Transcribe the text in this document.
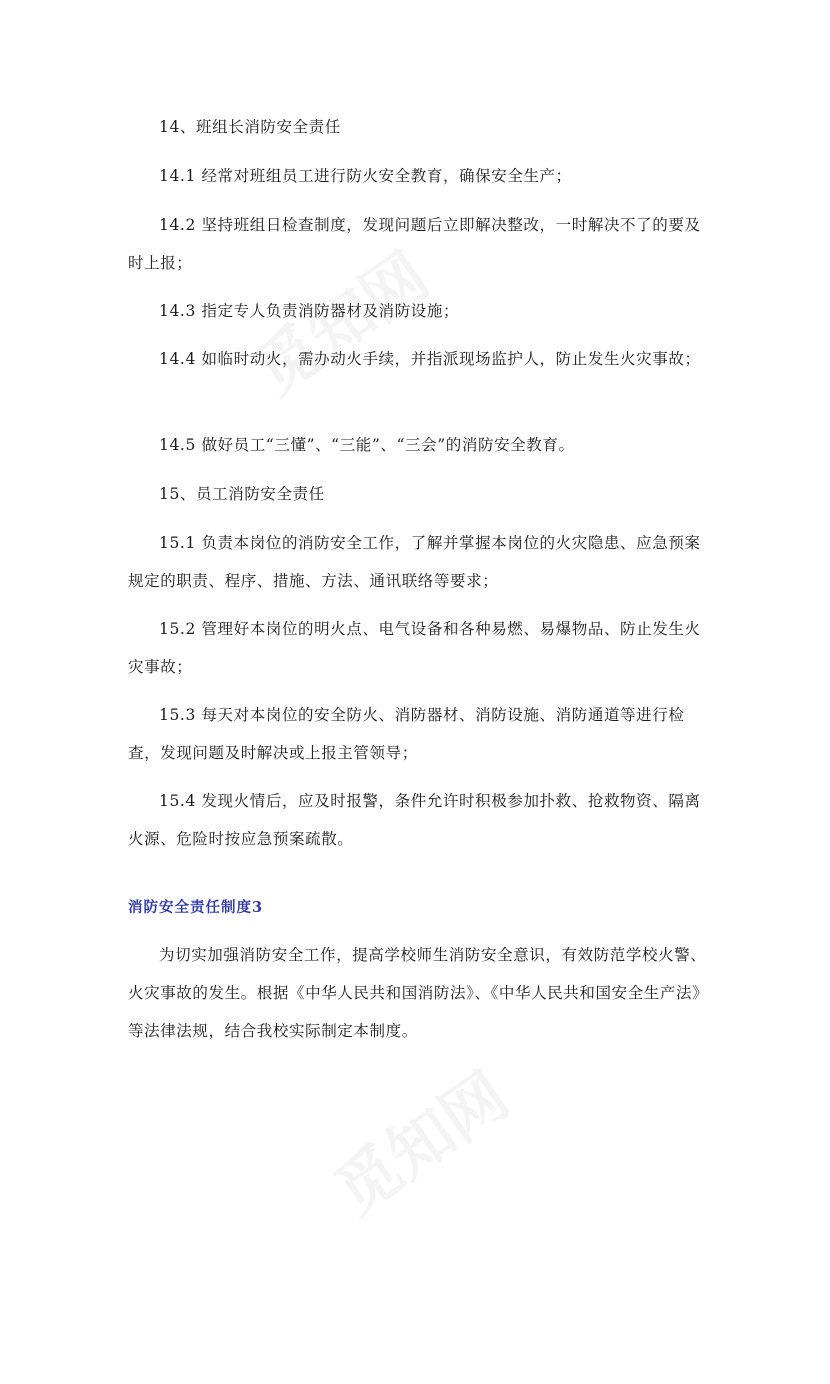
14、班组长消防安全责任

14.1 经常对班组员工进行防火安全教育，确保安全生产；

14.2 坚持班组日检查制度，发现问题后立即解决整改，一时解决不了的要及时上报；

14.3 指定专人负责消防器材及消防设施；

14.4 如临时动火，需办动火手续，并指派现场监护人，防止发生火灾事故；

14.5 做好员工“三懂”、“三能”、“三会”的消防安全教育。

15、员工消防安全责任

15.1 负责本岗位的消防安全工作，了解并掌握本岗位的火灾隐患、应急预案规定的职责、程序、措施、方法、通讯联络等要求；

15.2 管理好本岗位的明火点、电气设备和各种易燃、易爆物品、防止发生火灾事故；

15.3 每天对本岗位的安全防火、消防器材、消防设施、消防通道等进行检查，发现问题及时解决或上报主管领导；

15.4 发现火情后，应及时报警，条件允许时积极参加扑救、抢救物资、隔离火源、危险时按应急预案疏散。

消防安全责任制度3

为切实加强消防安全工作，提高学校师生消防安全意识，有效防范学校火警、火灾事故的发生。根据《中华人民共和国消防法》、《中华人民共和国安全生产法》等法律法规，结合我校实际制定本制度。
